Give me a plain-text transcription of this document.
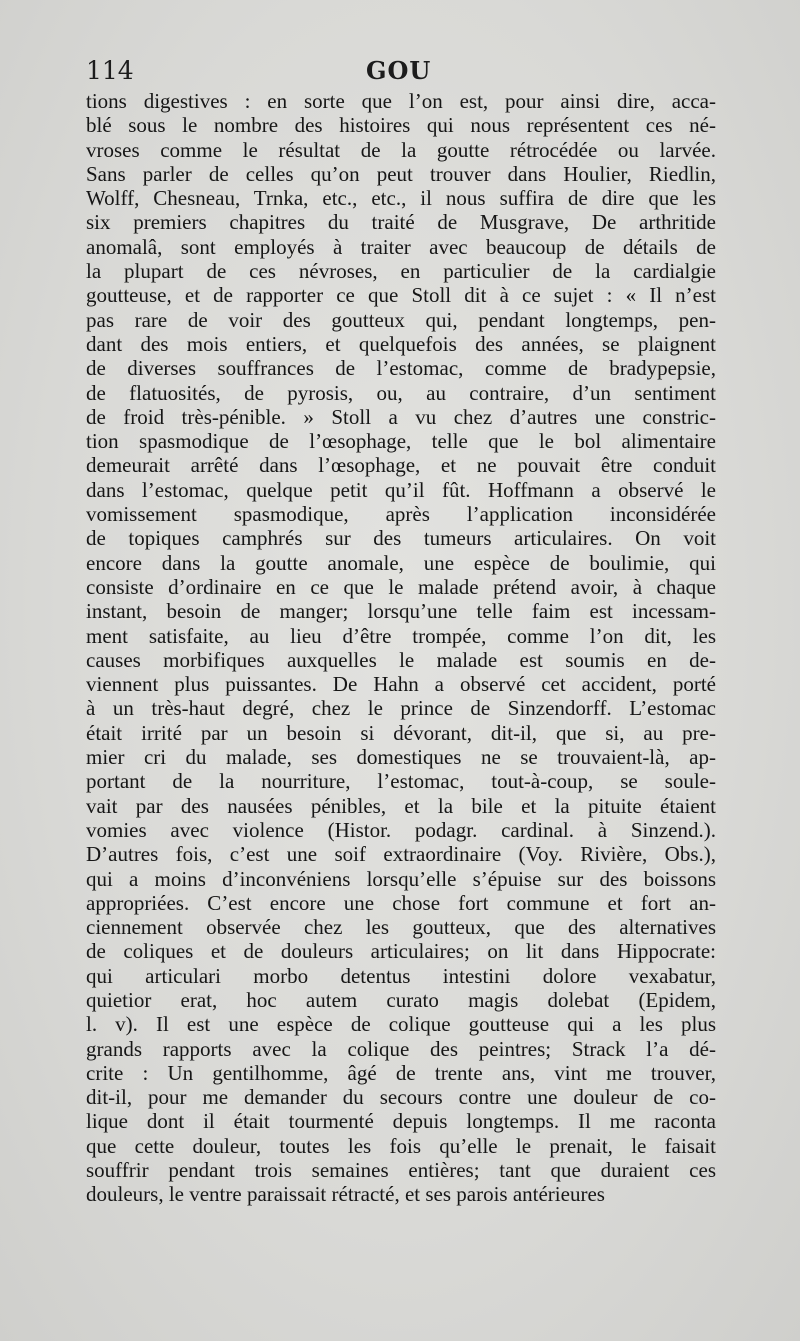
114	GOU
tions digestives : en sorte que l’on est, pour ainsi dire, acca-
blé sous le nombre des histoires qui nous représentent ces né-
vroses comme le résultat de la goutte rétrocédée ou larvée.
Sans parler de celles qu’on peut trouver dans Houlier, Riedlin,
Wolff, Chesneau, Trnka, etc., etc., il nous suffira de dire que les
six premiers chapitres du traité de Musgrave, De arthritide
anomalâ, sont employés à traiter avec beaucoup de détails de
la plupart de ces névroses, en particulier de la cardialgie
goutteuse, et de rapporter ce que Stoll dit à ce sujet : « Il n’est
pas rare de voir des goutteux qui, pendant longtemps, pen-
dant des mois entiers, et quelquefois des années, se plaignent
de diverses souffrances de l’estomac, comme de bradypepsie,
de flatuosités, de pyrosis, ou, au contraire, d’un sentiment
de froid très-pénible. » Stoll a vu chez d’autres une constric-
tion spasmodique de l’œsophage, telle que le bol alimentaire
demeurait arrêté dans l’œsophage, et ne pouvait être conduit
dans l’estomac, quelque petit qu’il fût. Hoffmann a observé le
vomissement spasmodique, après l’application inconsidérée
de topiques camphrés sur des tumeurs articulaires. On voit
encore dans la goutte anomale, une espèce de boulimie, qui
consiste d’ordinaire en ce que le malade prétend avoir, à chaque
instant, besoin de manger; lorsqu’une telle faim est incessam-
ment satisfaite, au lieu d’être trompée, comme l’on dit, les
causes morbifiques auxquelles le malade est soumis en de-
viennent plus puissantes. De Hahn a observé cet accident, porté
à un très-haut degré, chez le prince de Sinzendorff. L’estomac
était irrité par un besoin si dévorant, dit-il, que si, au pre-
mier cri du malade, ses domestiques ne se trouvaient-là, ap-
portant de la nourriture, l’estomac, tout-à-coup, se soule-
vait par des nausées pénibles, et la bile et la pituite étaient
vomies avec violence (Histor. podagr. cardinal. à Sinzend.).
D’autres fois, c’est une soif extraordinaire (Voy. Rivière, Obs.),
qui a moins d’inconvéniens lorsqu’elle s’épuise sur des boissons
appropriées. C’est encore une chose fort commune et fort an-
ciennement observée chez les goutteux, que des alternatives
de coliques et de douleurs articulaires; on lit dans Hippocrate:
qui articulari morbo detentus intestini dolore vexabatur,
quietior erat, hoc autem curato magis dolebat (Epidem,
l. v). Il est une espèce de colique goutteuse qui a les plus
grands rapports avec la colique des peintres; Strack l’a dé-
crite : Un gentilhomme, âgé de trente ans, vint me trouver,
dit-il, pour me demander du secours contre une douleur de co-
lique dont il était tourmenté depuis longtemps. Il me raconta
que cette douleur, toutes les fois qu’elle le prenait, le faisait
souffrir pendant trois semaines entières; tant que duraient ces
douleurs, le ventre paraissait rétracté, et ses parois antérieures
